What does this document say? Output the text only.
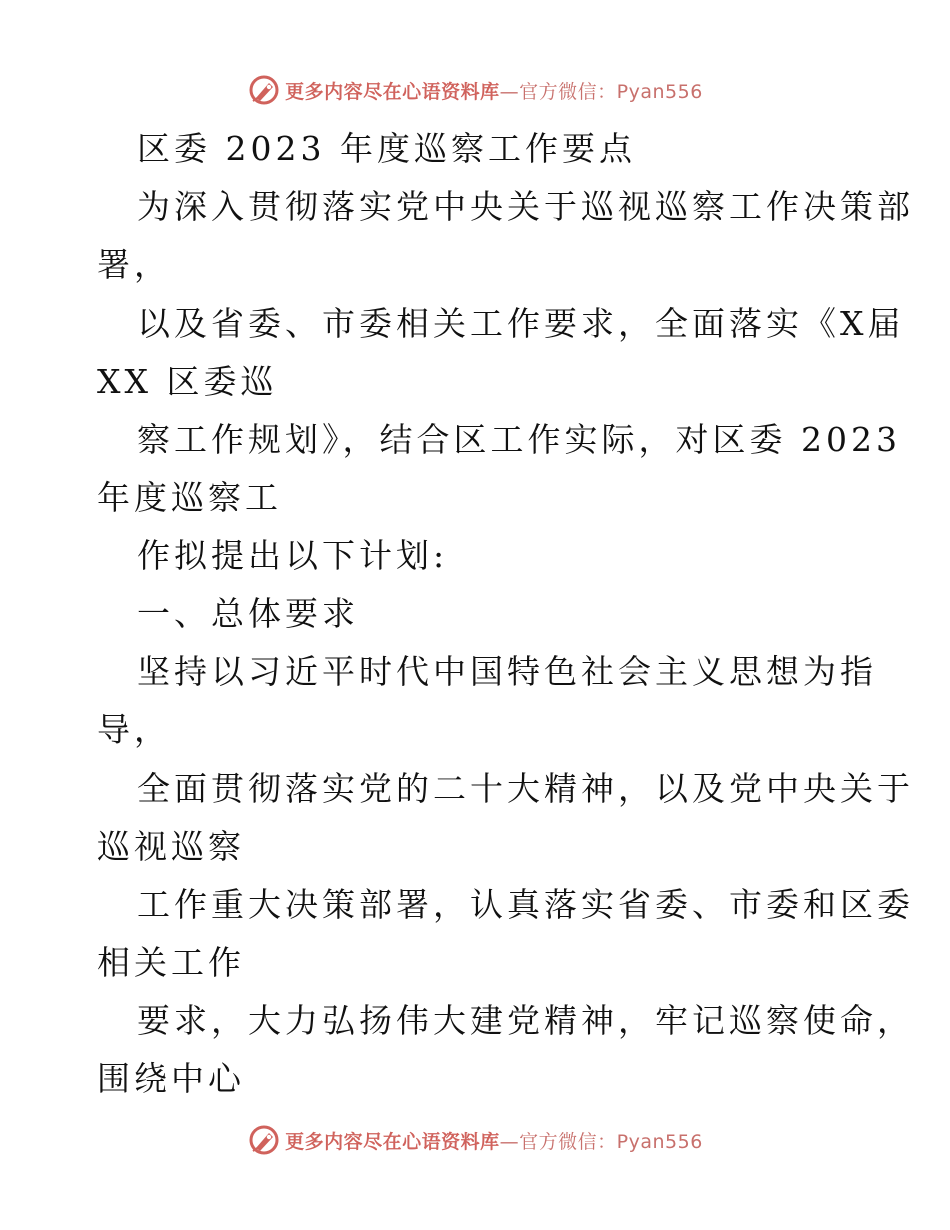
更多内容尽在心语资料库—官方微信：Pyan556
区委 2023 年度巡察工作要点
为深入贯彻落实党中央关于巡视巡察工作决策部
署，
以及省委、市委相关工作要求，全面落实《X届
XX 区委巡
察工作规划》，结合区工作实际，对区委 2023
年度巡察工
作拟提出以下计划:
一、总体要求
坚持以习近平时代中国特色社会主义思想为指
导，
全面贯彻落实党的二十大精神，以及党中央关于
巡视巡察
工作重大决策部署，认真落实省委、市委和区委
相关工作
要求，大力弘扬伟大建党精神，牢记巡察使命，
围绕中心
更多内容尽在心语资料库—官方微信：Pyan556
